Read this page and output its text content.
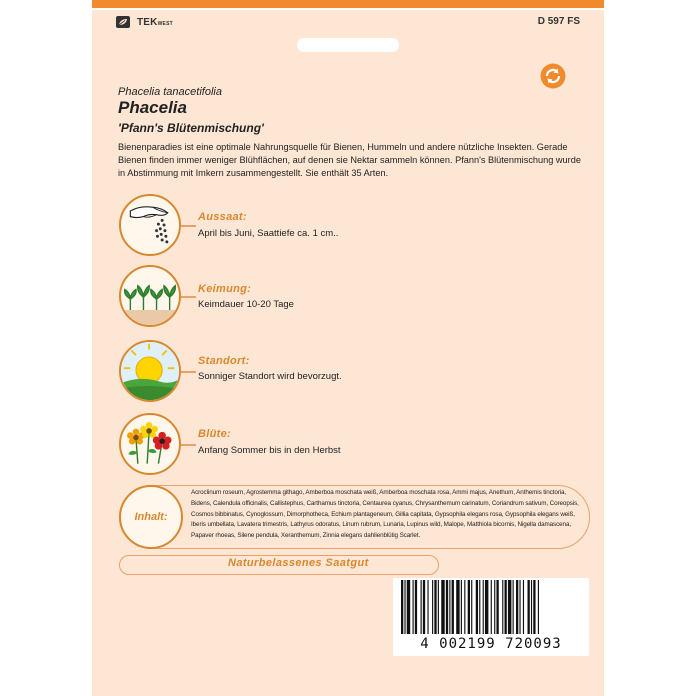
TEKWEST	D 597 FS
Phacelia tanacetifolia
Phacelia
'Pfann's Blütenmischung'
Bienenparadies ist eine optimale Nahrungsquelle für Bienen, Hummeln und andere nützliche Insekten. Gerade Bienen finden immer weniger Blühflächen, auf denen sie Nektar sammeln können. Pfann's Blütenmischung wurde in Abstimmung mit Imkern zusammengestellt. Sie enthält 35 Arten.
Aussaat:
April bis Juni, Saattiefe ca. 1 cm..
Keimung:
Keimdauer 10-20 Tage
Standort:
Sonniger Standort wird bevorzugt.
Blüte:
Anfang Sommer bis in den Herbst
Inhalt:
Acroclinum roseum, Agrostemma githago, Amberboa moschata weiß, Amberboa moschata rosa, Ammi majus, Anethum, Anthemis tinctoria, Bidens, Calendula officinalis, Callistephus, Carthamus tinctoria, Centaurea cyanus, Chrysanthemum carinatum, Coriandrum sativum, Coreopsis, Cosmos bibbinatus, Cynoglossum, Dimorphotheca, Echium plantageneum, Gillia capitata, Gypsophila elegans rosa, Gypsophila elegans weiß, Iberis umbellata, Lavatera trimestris, Lathyrus odoratus, Linum rubrum, Lunaria, Lupinus wild, Malope, Matthiola bicornis, Nigella damascena, Papaver rhoeas, Silene pendula, Xeranthemum, Zinnia elegans dahlienblütig Scarlet.
Naturbelassenes Saatgut
4 002199 720093
